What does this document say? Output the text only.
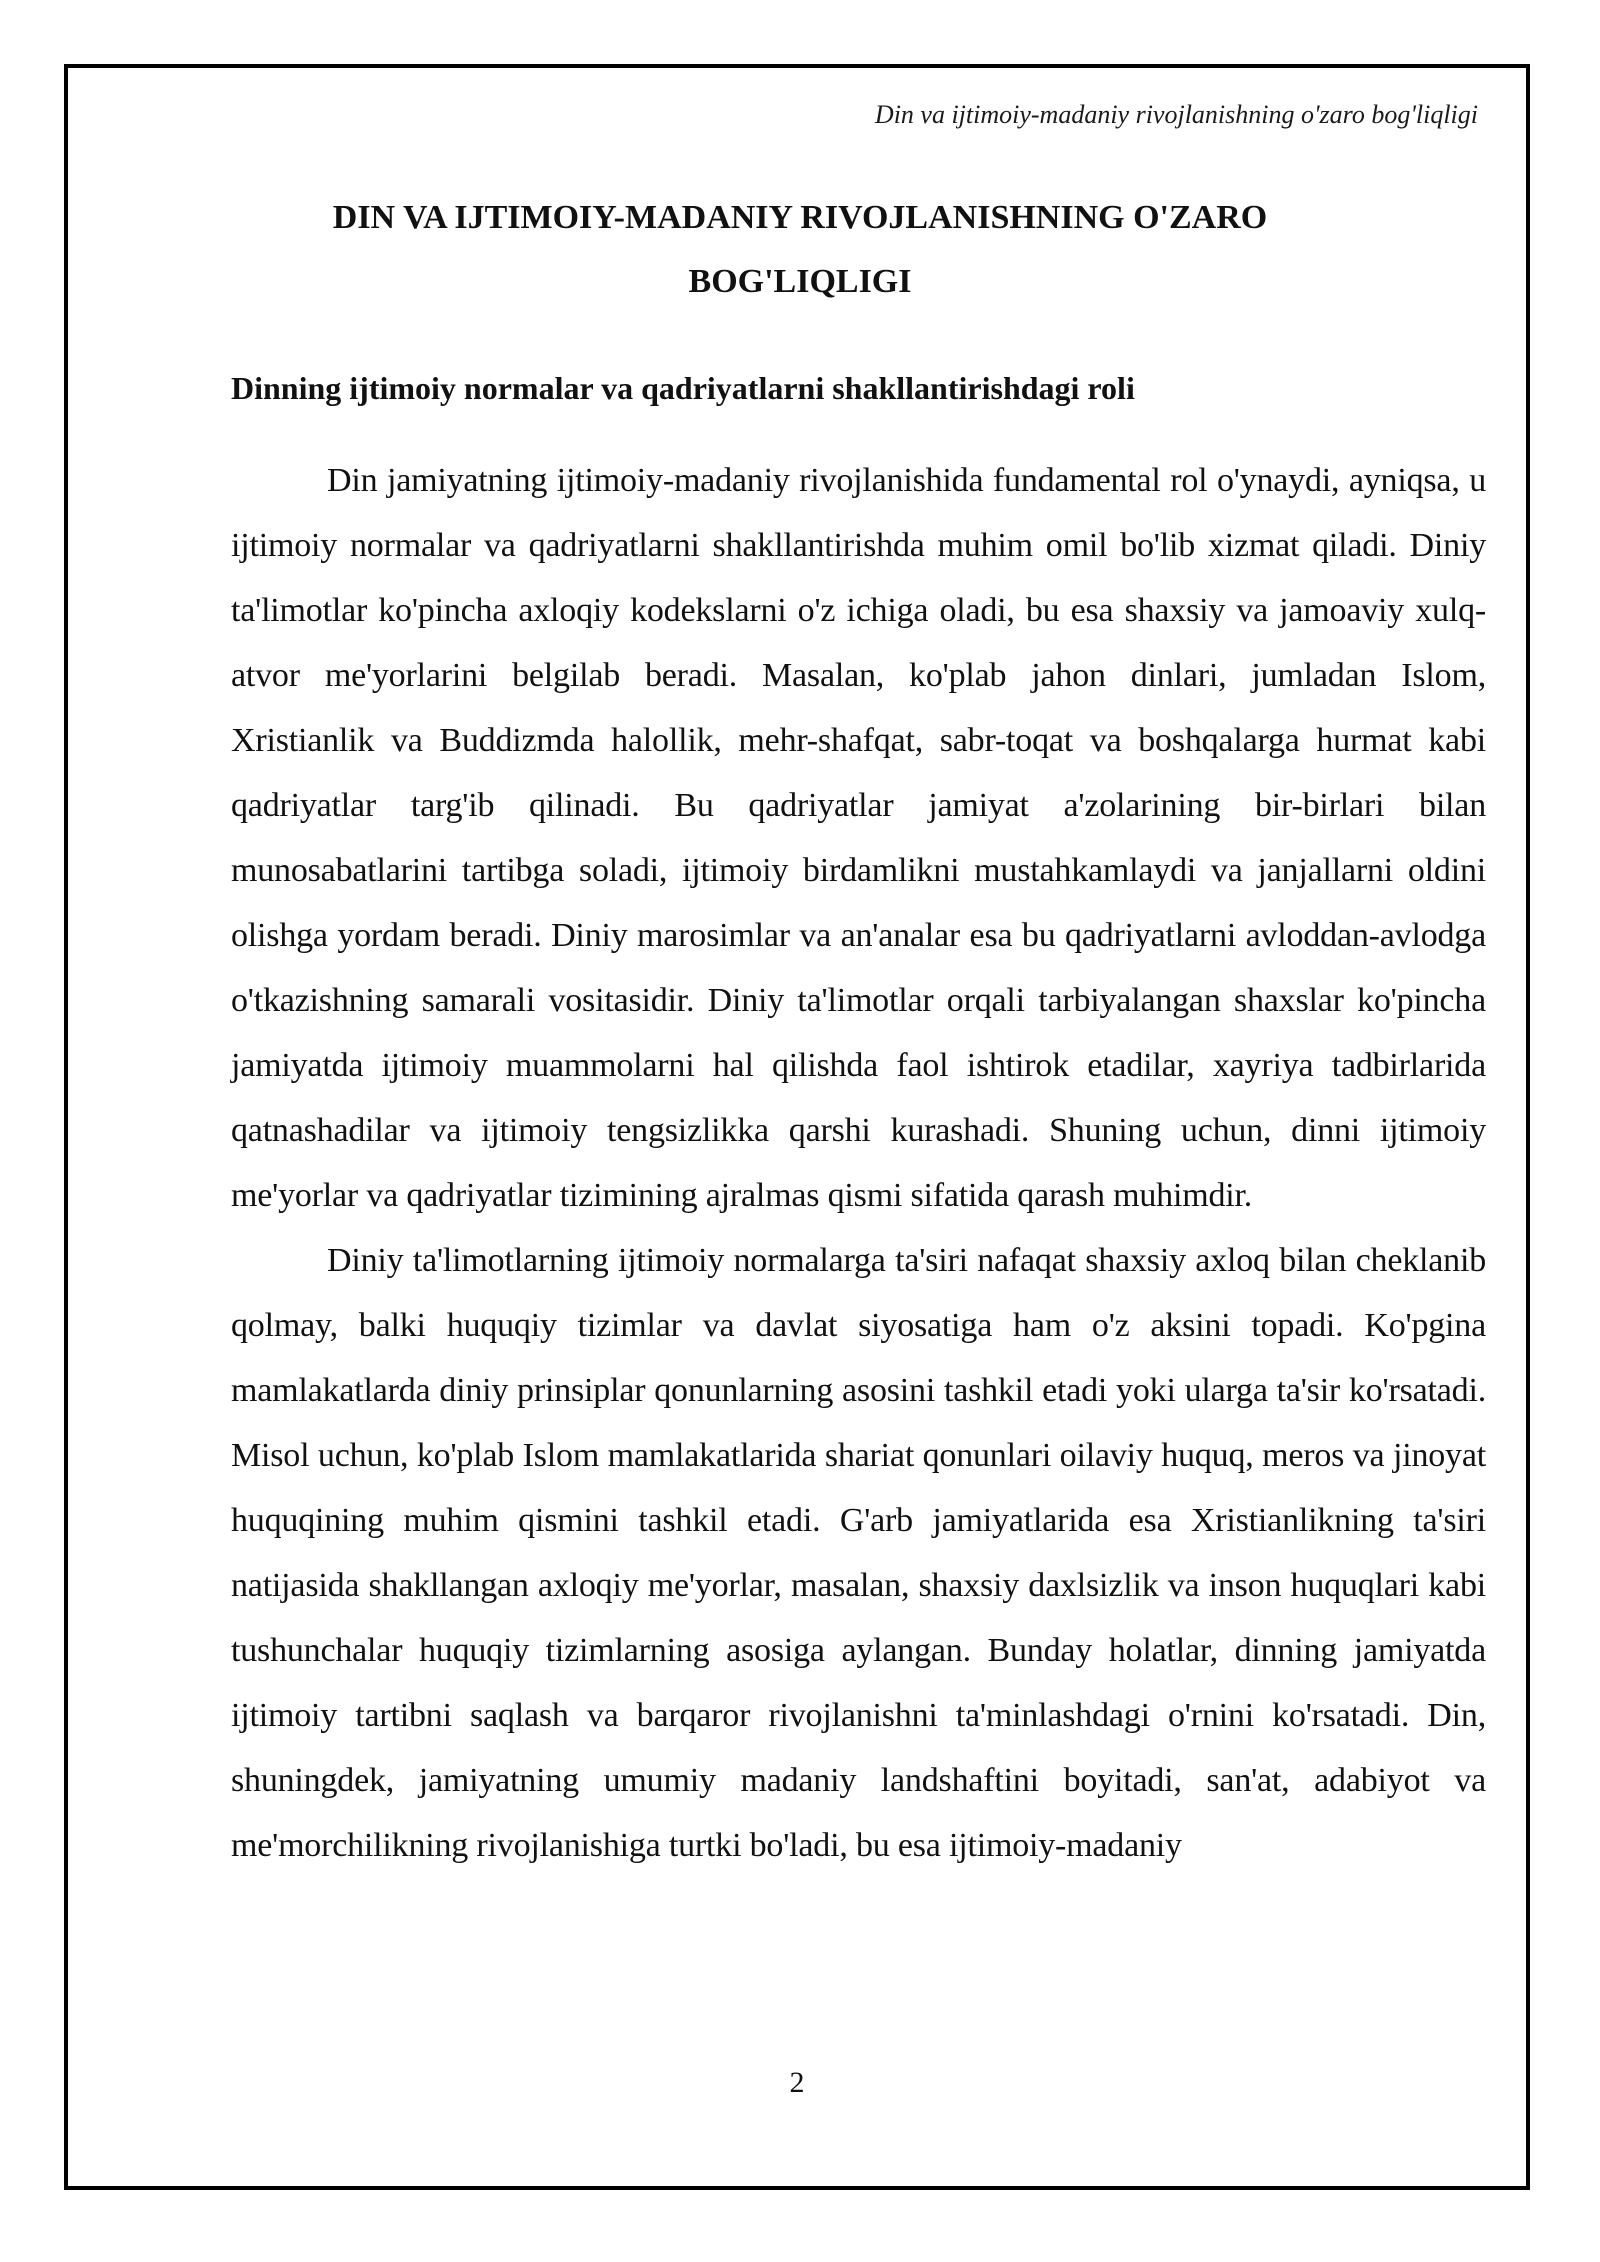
Din va ijtimoiy-madaniy rivojlanishning o'zaro bog'liqligi
DIN VA IJTIMOIY-MADANIY RIVOJLANISHNING O'ZARO
BOG'LIQLIGI
Dinning ijtimoiy normalar va qadriyatlarni shakllantirishdagi roli

Din jamiyatning ijtimoiy-madaniy rivojlanishida fundamental rol o'ynaydi, ayniqsa, u ijtimoiy normalar va qadriyatlarni shakllantirishda muhim omil bo'lib xizmat qiladi. Diniy ta'limotlar ko'pincha axloqiy kodekslarni o'z ichiga oladi, bu esa shaxsiy va jamoaviy xulq-atvor me'yorlarini belgilab beradi. Masalan, ko'plab jahon dinlari, jumladan Islom, Xristianlik va Buddizmda halollik, mehr-shafqat, sabr-toqat va boshqalarga hurmat kabi qadriyatlar targ'ib qilinadi. Bu qadriyatlar jamiyat a'zolarining bir-birlari bilan munosabatlarini tartibga soladi, ijtimoiy birdamlikni mustahkamlaydi va janjallarni oldini olishga yordam beradi. Diniy marosimlar va an'analar esa bu qadriyatlarni avloddan-avlodga o'tkazishning samarali vositasidir. Diniy ta'limotlar orqali tarbiyalangan shaxslar ko'pincha jamiyatda ijtimoiy muammolarni hal qilishda faol ishtirok etadilar, xayriya tadbirlarida qatnashadilar va ijtimoiy tengsizlikka qarshi kurashadi. Shuning uchun, dinni ijtimoiy me'yorlar va qadriyatlar tizimining ajralmas qismi sifatida qarash muhimdir.

Diniy ta'limotlarning ijtimoiy normalarga ta'siri nafaqat shaxsiy axloq bilan cheklanib qolmay, balki huquqiy tizimlar va davlat siyosatiga ham o'z aksini topadi. Ko'pgina mamlakatlarda diniy prinsiplar qonunlarning asosini tashkil etadi yoki ularga ta'sir ko'rsatadi. Misol uchun, ko'plab Islom mamlakatlarida shariat qonunlari oilaviy huquq, meros va jinoyat huquqining muhim qismini tashkil etadi. G'arb jamiyatlarida esa Xristianlikning ta'siri natijasida shakllangan axloqiy me'yorlar, masalan, shaxsiy daxlsizlik va inson huquqlari kabi tushunchalar huquqiy tizimlarning asosiga aylangan. Bunday holatlar, dinning jamiyatda ijtimoiy tartibni saqlash va barqaror rivojlanishni ta'minlashdagi o'rnini ko'rsatadi. Din, shuningdek, jamiyatning umumiy madaniy landshaftini boyitadi, san'at, adabiyot va me'morchilikning rivojlanishiga turtki bo'ladi, bu esa ijtimoiy-madaniy

2
